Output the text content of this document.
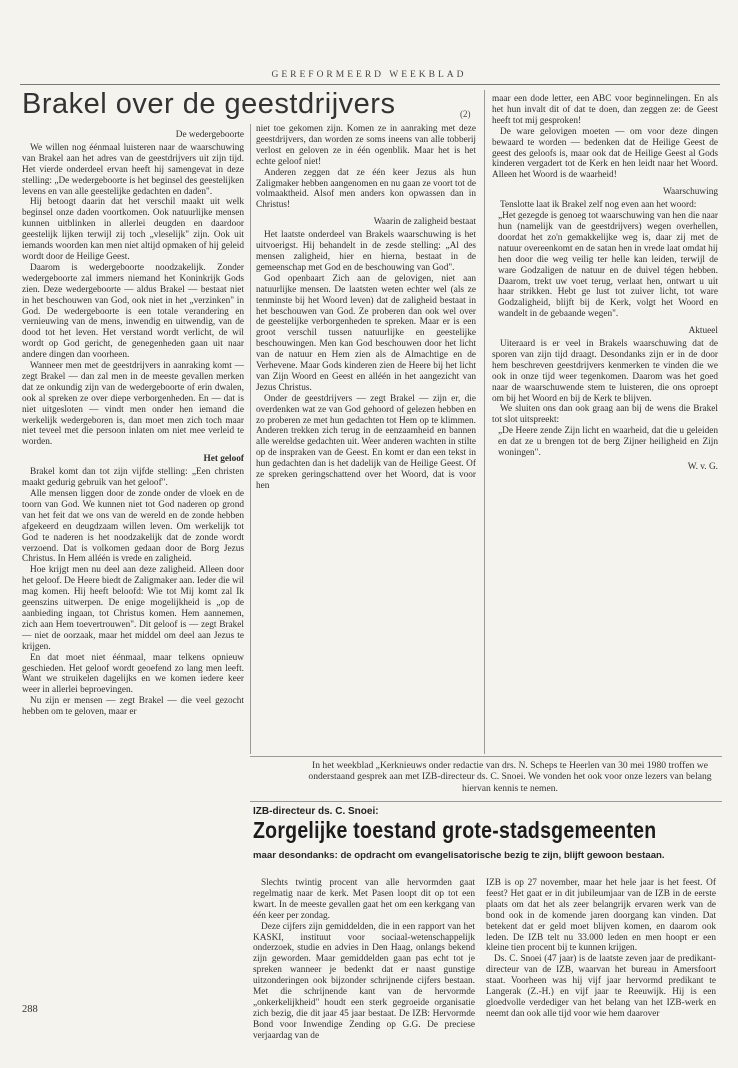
GEREFORMEERD WEEKBLAD
Brakel over de geestdrijvers	(2)

De wedergeboorte

We willen nog éénmaal luisteren naar de waarschuwing van Brakel aan het adres van de geestdrijvers uit zijn tijd. Het vierde onderdeel ervan heeft hij samengevat in deze stelling: „De wedergeboorte is het beginsel des geestelijken levens en van alle geestelijke gedachten en daden".

Hij betoogt daarin dat het verschil maakt uit welk beginsel onze daden voortkomen. Ook natuurlijke mensen kunnen uitblinken in allerlei deugden en daardoor geestelijk lijken terwijl zij toch „vleselijk" zijn. Ook uit iemands woorden kan men niet altijd opmaken of hij geleid wordt door de Heilige Geest.

Daarom is wedergeboorte noodzakelijk. Zonder wedergeboorte zal immers niemand het Koninkrijk Gods zien. Deze wedergeboorte — aldus Brakel — bestaat niet in het beschouwen van God, ook niet in het „verzinken" in God. De wedergeboorte is een totale verandering en vernieuwing van de mens, inwendig en uitwendig, van de dood tot het leven. Het verstand wordt verlicht, de wil wordt op God gericht, de genegenheden gaan uit naar andere dingen dan voorheen.

Wanneer men met de geestdrijvers in aanraking komt — zegt Brakel — dan zal men in de meeste gevallen merken dat ze onkundig zijn van de wedergeboorte of erin dwalen, ook al spreken ze over diepe verborgenheden. En — dat is niet uitgesloten — vindt men onder hen iemand die werkelijk wedergeboren is, dan moet men zich toch maar niet teveel met die persoon inlaten om niet mee verleid te worden.

Het geloof

Brakel komt dan tot zijn vijfde stelling: „Een christen maakt gedurig gebruik van het geloof".

Alle mensen liggen door de zonde onder de vloek en de toorn van God. We kunnen niet tot God naderen op grond van het feit dat we ons van de wereld en de zonde hebben afgekeerd en deugdzaam willen leven. Om werkelijk tot God te naderen is het noodzakelijk dat de zonde wordt verzoend. Dat is volkomen gedaan door de Borg Jezus Christus. In Hem alléén is vrede en zaligheid.

Hoe krijgt men nu deel aan deze zaligheid. Alleen door het geloof. De Heere biedt de Zaligmaker aan. Ieder die wil mag komen. Hij heeft beloofd: Wie tot Mij komt zal Ik geenszins uitwerpen. De enige mogelijkheid is „op de aanbieding ingaan, tot Christus komen. Hem aannemen, zich aan Hem toevertrouwen". Dit geloof is — zegt Brakel — niet de oorzaak, maar het middel om deel aan Jezus te krijgen.

En dat moet niet éénmaal, maar telkens opnieuw geschieden. Het geloof wordt geoefend zo lang men leeft. Want we struikelen dagelijks en we komen iedere keer weer in allerlei beproevingen.

Nu zijn er mensen — zegt Brakel — die veel gezocht hebben om te geloven, maar er

niet toe gekomen zijn. Komen ze in aanraking met deze geestdrijvers, dan worden ze soms ineens van alle tobberij verlost en geloven ze in één ogenblik. Maar het is het echte geloof niet!

Anderen zeggen dat ze één keer Jezus als hun Zaligmaker hebben aangenomen en nu gaan ze voort tot de volmaaktheid. Alsof men anders kon opwassen dan in Christus!

Waarin de zaligheid bestaat

Het laatste onderdeel van Brakels waarschuwing is het uitvoerigst. Hij behandelt in de zesde stelling: „Al des mensen zaligheid, hier en hierna, bestaat in de gemeenschap met God en de beschouwing van God".

God openbaart Zich aan de gelovigen, niet aan natuurlijke mensen. De laatsten weten echter wel (als ze tenminste bij het Woord leven) dat de zaligheid bestaat in het beschouwen van God. Ze proberen dan ook wel over de geestelijke verborgenheden te spreken. Maar er is een groot verschil tussen natuurlijke en geestelijke beschouwingen. Men kan God beschouwen door het licht van de natuur en Hem zien als de Almachtige en de Verhevene. Maar Gods kinderen zien de Heere bij het licht van Zijn Woord en Geest en alléén in het aangezicht van Jezus Christus.

Onder de geestdrijvers — zegt Brakel — zijn er, die overdenken wat ze van God gehoord of gelezen hebben en zo proberen ze met hun gedachten tot Hem op te klimmen. Anderen trekken zich terug in de eenzaamheid en bannen alle wereldse gedachten uit. Weer anderen wachten in stilte op de inspraken van de Geest. En komt er dan een tekst in hun gedachten dan is het dadelijk van de Heilige Geest. Of ze spreken geringschattend over het Woord, dat is voor hen

maar een dode letter, een ABC voor beginnelingen. En als het hun invalt dit of dat te doen, dan zeggen ze: de Geest heeft tot mij gesproken!

De ware gelovigen moeten — om voor deze dingen bewaard te worden — bedenken dat de Heilige Geest de geest des geloofs is, maar ook dat de Heilige Geest al Gods kinderen vergadert tot de Kerk en hen leidt naar het Woord. Alleen het Woord is de waarheid!

Waarschuwing

Tenslotte laat ik Brakel zelf nog even aan het woord:

„Het gezegde is genoeg tot waarschuwing van hen die naar hun (namelijk van de geestdrijvers) wegen overhellen, doordat het zo'n gemakkelijke weg is, daar zij met de natuur overeenkomt en de satan hen in vrede laat omdat hij hen door die weg veilig ter helle kan leiden, terwijl de ware Godzaligen de natuur en de duivel tégen hebben. Daarom, trekt uw voet terug, verlaat hen, ontwart u uit haar strikken. Hebt ge lust tot zuiver licht, tot ware Godzaligheid, blijft bij de Kerk, volgt het Woord en wandelt in de gebaande wegen".

Aktueel

Uiteraard is er veel in Brakels waarschuwing dat de sporen van zijn tijd draagt. Desondanks zijn er in de door hem beschreven geestdrijvers kenmerken te vinden die we ook in onze tijd weer tegenkomen. Daarom was het goed naar de waarschuwende stem te luisteren, die ons oproept om bij het Woord en bij de Kerk te blijven.

We sluiten ons dan ook graag aan bij de wens die Brakel tot slot uitspreekt:

„De Heere zende Zijn licht en waarheid, dat die u geleiden en dat ze u brengen tot de berg Zijner heiligheid en Zijn woningen".

W. v. G.

In het weekblad „Kerknieuws onder redactie van drs. N. Scheps te Heerlen van 30 mei 1980 troffen we onderstaand gesprek aan met IZB-directeur ds. C. Snoei. We vonden het ook voor onze lezers van belang hiervan kennis te nemen.
IZB-directeur ds. C. Snoei:
Zorgelijke toestand grote-stadsgemeenten
maar desondanks: de opdracht om evangelisatorische bezig te zijn, blijft gewoon bestaan.

Slechts twintig procent van alle hervormden gaat regelmatig naar de kerk. Met Pasen loopt dit op tot een kwart. In de meeste gevallen gaat het om een kerkgang van één keer per zondag.

Deze cijfers zijn gemiddelden, die in een rapport van het KASKI, instituut voor sociaal-wetenschappelijk onderzoek, studie en advies in Den Haag, onlangs bekend zijn geworden. Maar gemiddelden gaan pas echt tot je spreken wanneer je bedenkt dat er naast gunstige uitzonderingen ook bijzonder schrijnende cijfers bestaan. Met die schrijnende kant van de hervormde „onkerkelijkheid" houdt een sterk gegroeide organisatie zich bezig, die dit jaar 45 jaar bestaat. De IZB: Hervormde Bond voor Inwendige Zending op G.G. De preciese verjaardag van de

IZB is op 27 november, maar het hele jaar is het feest. Of feest? Het gaat er in dit jubileumjaar van de IZB in de eerste plaats om dat het als zeer belangrijk ervaren werk van de bond ook in de komende jaren doorgang kan vinden. Dat betekent dat er geld moet blijven komen, en daarom ook leden. De IZB telt nu 33.000 leden en men hoopt er een kleine tien procent bij te kunnen krijgen.

Ds. C. Snoei (47 jaar) is de laatste zeven jaar de predikant-directeur van de IZB, waarvan het bureau in Amersfoort staat. Voorheen was hij vijf jaar hervormd predikant te Langerak (Z.-H.) en vijf jaar te Reeuwijk. Hij is een gloedvolle verdediger van het belang van het IZB-werk en neemt dan ook alle tijd voor wie hem daarover

288
